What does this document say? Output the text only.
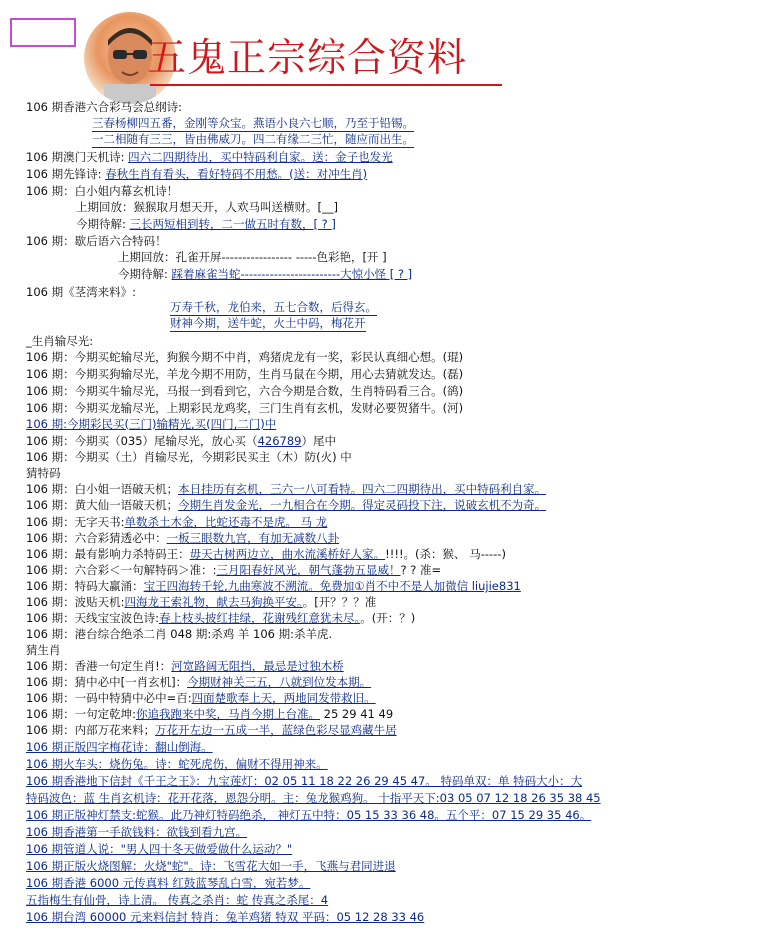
五鬼正宗综合资料
106 期香港六合彩马会总纲诗:
三春杨柳四五番，金刚等众宝。燕语小良六七顺，乃至于铅锡。
一二相随有三三，皆由佛威刀。四二有缘二三忙，随应而出生。
106 期澳门天机诗: 四六二四期待出，买中特码利自家。送：金子也发光
106 期先锋诗: 春秋生肖有看头，看好特码不用愁。(送：对冲生肖)
106 期：白小姐内幕玄机诗！
上期回放：猴猴取月想天开，人欢马叫送横财。[__]
今期待解: 三长两短相到转，二一做五时有数，[ ? ]
106 期：歇后语六合特码！
上期回放：孔雀开屏----------------- -----色彩艳，[开 ]
今期待解: 踩着麻雀当蛇------------------------大惊小怪 [ ? ]
106 期《茎湾来料》:
万寿千秋，龙伯来，五七合数，后得玄。
财神今期，送牛蛇，火土中码，梅花开
_生肖输尽光:
106 期：今期买蛇输尽光，狗猴今期不中肖，鸡猪虎龙有一奖，彩民认真细心想。(琨)
106 期：今期买狗输尽光，羊龙今期不用防，生肖马鼠在今期，用心去猜就发达。(磊)
106 期：今期买牛输尽光，马报一到看到它，六合今期是合数，生肖特码看三合。(鹆)
106 期：今期买龙输尽光，上期彩民龙鸡奖，三门生肖有玄机，发财必要贺猪牛。(河)
106 期:今期彩民买(三门)输精光,买(四门,二门)中
106 期：今期买（035）尾输尽光，放心买（426789）尾中
106 期：今期买（土）肖输尽光，今期彩民买主（木）防(火) 中
猜特码
106 期：白小姐一语破天机；本日挂历有玄机，三六一八可看特。四六二四期待出，买中特码利自家。
106 期：黄大仙一语破天机；今期生肖发金光，一九相合在今期。得定灵码投下注，说破玄机不为奇。
106 期：无字天书:单数杀土木金，比蛇还毒不是虎。 马 龙
106 期：六合彩猜透必中：一板三眼数九宫，有加无减数八卦
106 期：最有影响力杀特码王：毋天古树两边立，曲水流溪桥好人家。!!!!。(杀：猴、 马-----)
106 期：六合彩＜一句解特码＞准：:三月阳春好风光，朝气蓬勃五显威！? ? 准=
106 期：特码大赢涌：宝王四海转千轮,九曲寒波不溯流。免费加①肖不中不是人加微信 liujie831
106 期：波贴天机:四海龙王索礼物，献去马狗换平安。。[开？？？准
106 期：天线宝宝波色诗:春上枝头披红挂绿，花谢残红意犹未尽。。(开：？)
106 期：港台综合绝杀二肖 048 期:杀鸡 羊 106 期:杀羊虎.
猜生肖
106 期：香港一句定生肖!：河宽路阔无阻挡，最忌是过独木桥
106 期：猜中必中[一肖玄机]：今期财神关三五，八就到位发本期。
106 期：一码中特猜中必中=百:四面楚歌奉上天，两地同发带救旧。
106 期：一句定乾坤:你追我跑来中奖，马肖今期上台准。 25 29 41 49
106 期：内部万花来料；万花开左边一五成一半，蓝绿色彩尽显鸡藏牛居
106 期正版四字梅花诗：翻山倒海。
106 期火车头：烧伤兔。诗：蛇死虎伤，偏财不得用神来。
106 期香港地下信封《千王之王》：九宝莲灯：02 05 11 18 22 26 29 45 47。 特码单双：单 特码大小：大
特码波色：蓝 生肖玄机诗：花开花落，恩怨分明。主：兔龙猴鸡狗。 十指平天下:03 05 07 12 18 26 35 38 45
106 期正版神灯禁支:蛇猴。此乃神灯特码绝杀， 神灯五中特：05 15 33 36 48。五个平：07 15 29 35 46。
106 期香港第一手欲钱料：欲钱到看九宫。
106 期管道人说："男人四十冬天做爱做什么运动？"
106 期正版火烧图解：火烧"蛇"。诗：飞雪花大如一手，飞燕与君同进退
106 期香港 6000 元传真料 红鼓蓝琴乱白雪，宛若梦。
五指梅生有仙骨，诗上清。 传真之杀肖：蛇 传真之杀尾：4
106 期台湾 60000 元来料信封 特肖：兔羊鸡猪 特双 平码：05 12 28 33 46
